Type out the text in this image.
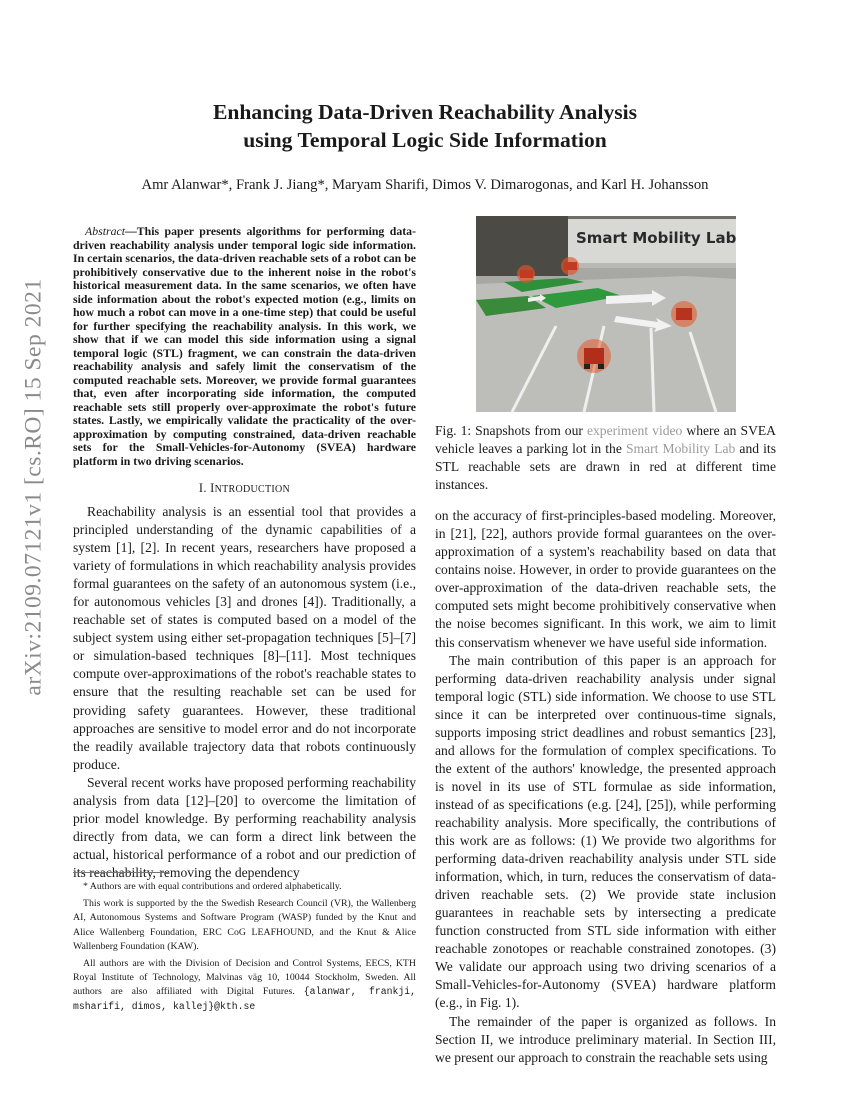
arXiv:2109.07121v1 [cs.RO] 15 Sep 2021
Enhancing Data-Driven Reachability Analysis
using Temporal Logic Side Information
Amr Alanwar*, Frank J. Jiang*, Maryam Sharifi, Dimos V. Dimarogonas, and Karl H. Johansson

Abstract—This paper presents algorithms for performing data-driven reachability analysis under temporal logic side information. In certain scenarios, the data-driven reachable sets of a robot can be prohibitively conservative due to the inherent noise in the robot's historical measurement data. In the same scenarios, we often have side information about the robot's expected motion (e.g., limits on how much a robot can move in a one-time step) that could be useful for further specifying the reachability analysis. In this work, we show that if we can model this side information using a signal temporal logic (STL) fragment, we can constrain the data-driven reachability analysis and safely limit the conservatism of the computed reachable sets. Moreover, we provide formal guarantees that, even after incorporating side information, the computed reachable sets still properly over-approximate the robot's future states. Lastly, we empirically validate the practicality of the over-approximation by computing constrained, data-driven reachable sets for the Small-Vehicles-for-Autonomy (SVEA) hardware platform in two driving scenarios.

I. INTRODUCTION

Reachability analysis is an essential tool that provides a principled understanding of the dynamic capabilities of a system [1], [2]. In recent years, researchers have proposed a variety of formulations in which reachability analysis provides formal guarantees on the safety of an autonomous system (i.e., for autonomous vehicles [3] and drones [4]). Traditionally, a reachable set of states is computed based on a model of the subject system using either set-propagation techniques [5]–[7] or simulation-based techniques [8]–[11]. Most techniques compute over-approximations of the robot's reachable states to ensure that the resulting reachable set can be used for providing safety guarantees. However, these traditional approaches are sensitive to model error and do not incorporate the readily available trajectory data that robots continuously produce.

Several recent works have proposed performing reachability analysis from data [12]–[20] to overcome the limitation of prior model knowledge. By performing reachability analysis directly from data, we can form a direct link between the actual, historical performance of a robot and our prediction of its reachability, removing the dependency

* Authors are with equal contributions and ordered alphabetically.

This work is supported by the the Swedish Research Council (VR), the Wallenberg AI, Autonomous Systems and Software Program (WASP) funded by the Knut and Alice Wallenberg Foundation, ERC CoG LEAFHOUND, and the Knut & Alice Wallenberg Foundation (KAW).

All authors are with the Division of Decision and Control Systems, EECS, KTH Royal Institute of Technology, Malvinas väg 10, 10044 Stockholm, Sweden. All authors are also affiliated with Digital Futures. {alanwar, frankji, msharifi, dimos, kallej}@kth.se

Smart Mobility Lab

Fig. 1: Snapshots from our experiment video where an SVEA vehicle leaves a parking lot in the Smart Mobility Lab and its STL reachable sets are drawn in red at different time instances.

on the accuracy of first-principles-based modeling. Moreover, in [21], [22], authors provide formal guarantees on the over-approximation of a system's reachability based on data that contains noise. However, in order to provide guarantees on the over-approximation of the data-driven reachable sets, the computed sets might become prohibitively conservative when the noise becomes significant. In this work, we aim to limit this conservatism whenever we have useful side information.

The main contribution of this paper is an approach for performing data-driven reachability analysis under signal temporal logic (STL) side information. We choose to use STL since it can be interpreted over continuous-time signals, supports imposing strict deadlines and robust semantics [23], and allows for the formulation of complex specifications. To the extent of the authors' knowledge, the presented approach is novel in its use of STL formulae as side information, instead of as specifications (e.g. [24], [25]), while performing reachability analysis. More specifically, the contributions of this work are as follows: (1) We provide two algorithms for performing data-driven reachability analysis under STL side information, which, in turn, reduces the conservatism of data-driven reachable sets. (2) We provide state inclusion guarantees in reachable sets by intersecting a predicate function constructed from STL side information with either reachable zonotopes or reachable constrained zonotopes. (3) We validate our approach using two driving scenarios of a Small-Vehicles-for-Autonomy (SVEA) hardware platform (e.g., in Fig. 1).

The remainder of the paper is organized as follows. In Section II, we introduce preliminary material. In Section III, we present our approach to constrain the reachable sets using
